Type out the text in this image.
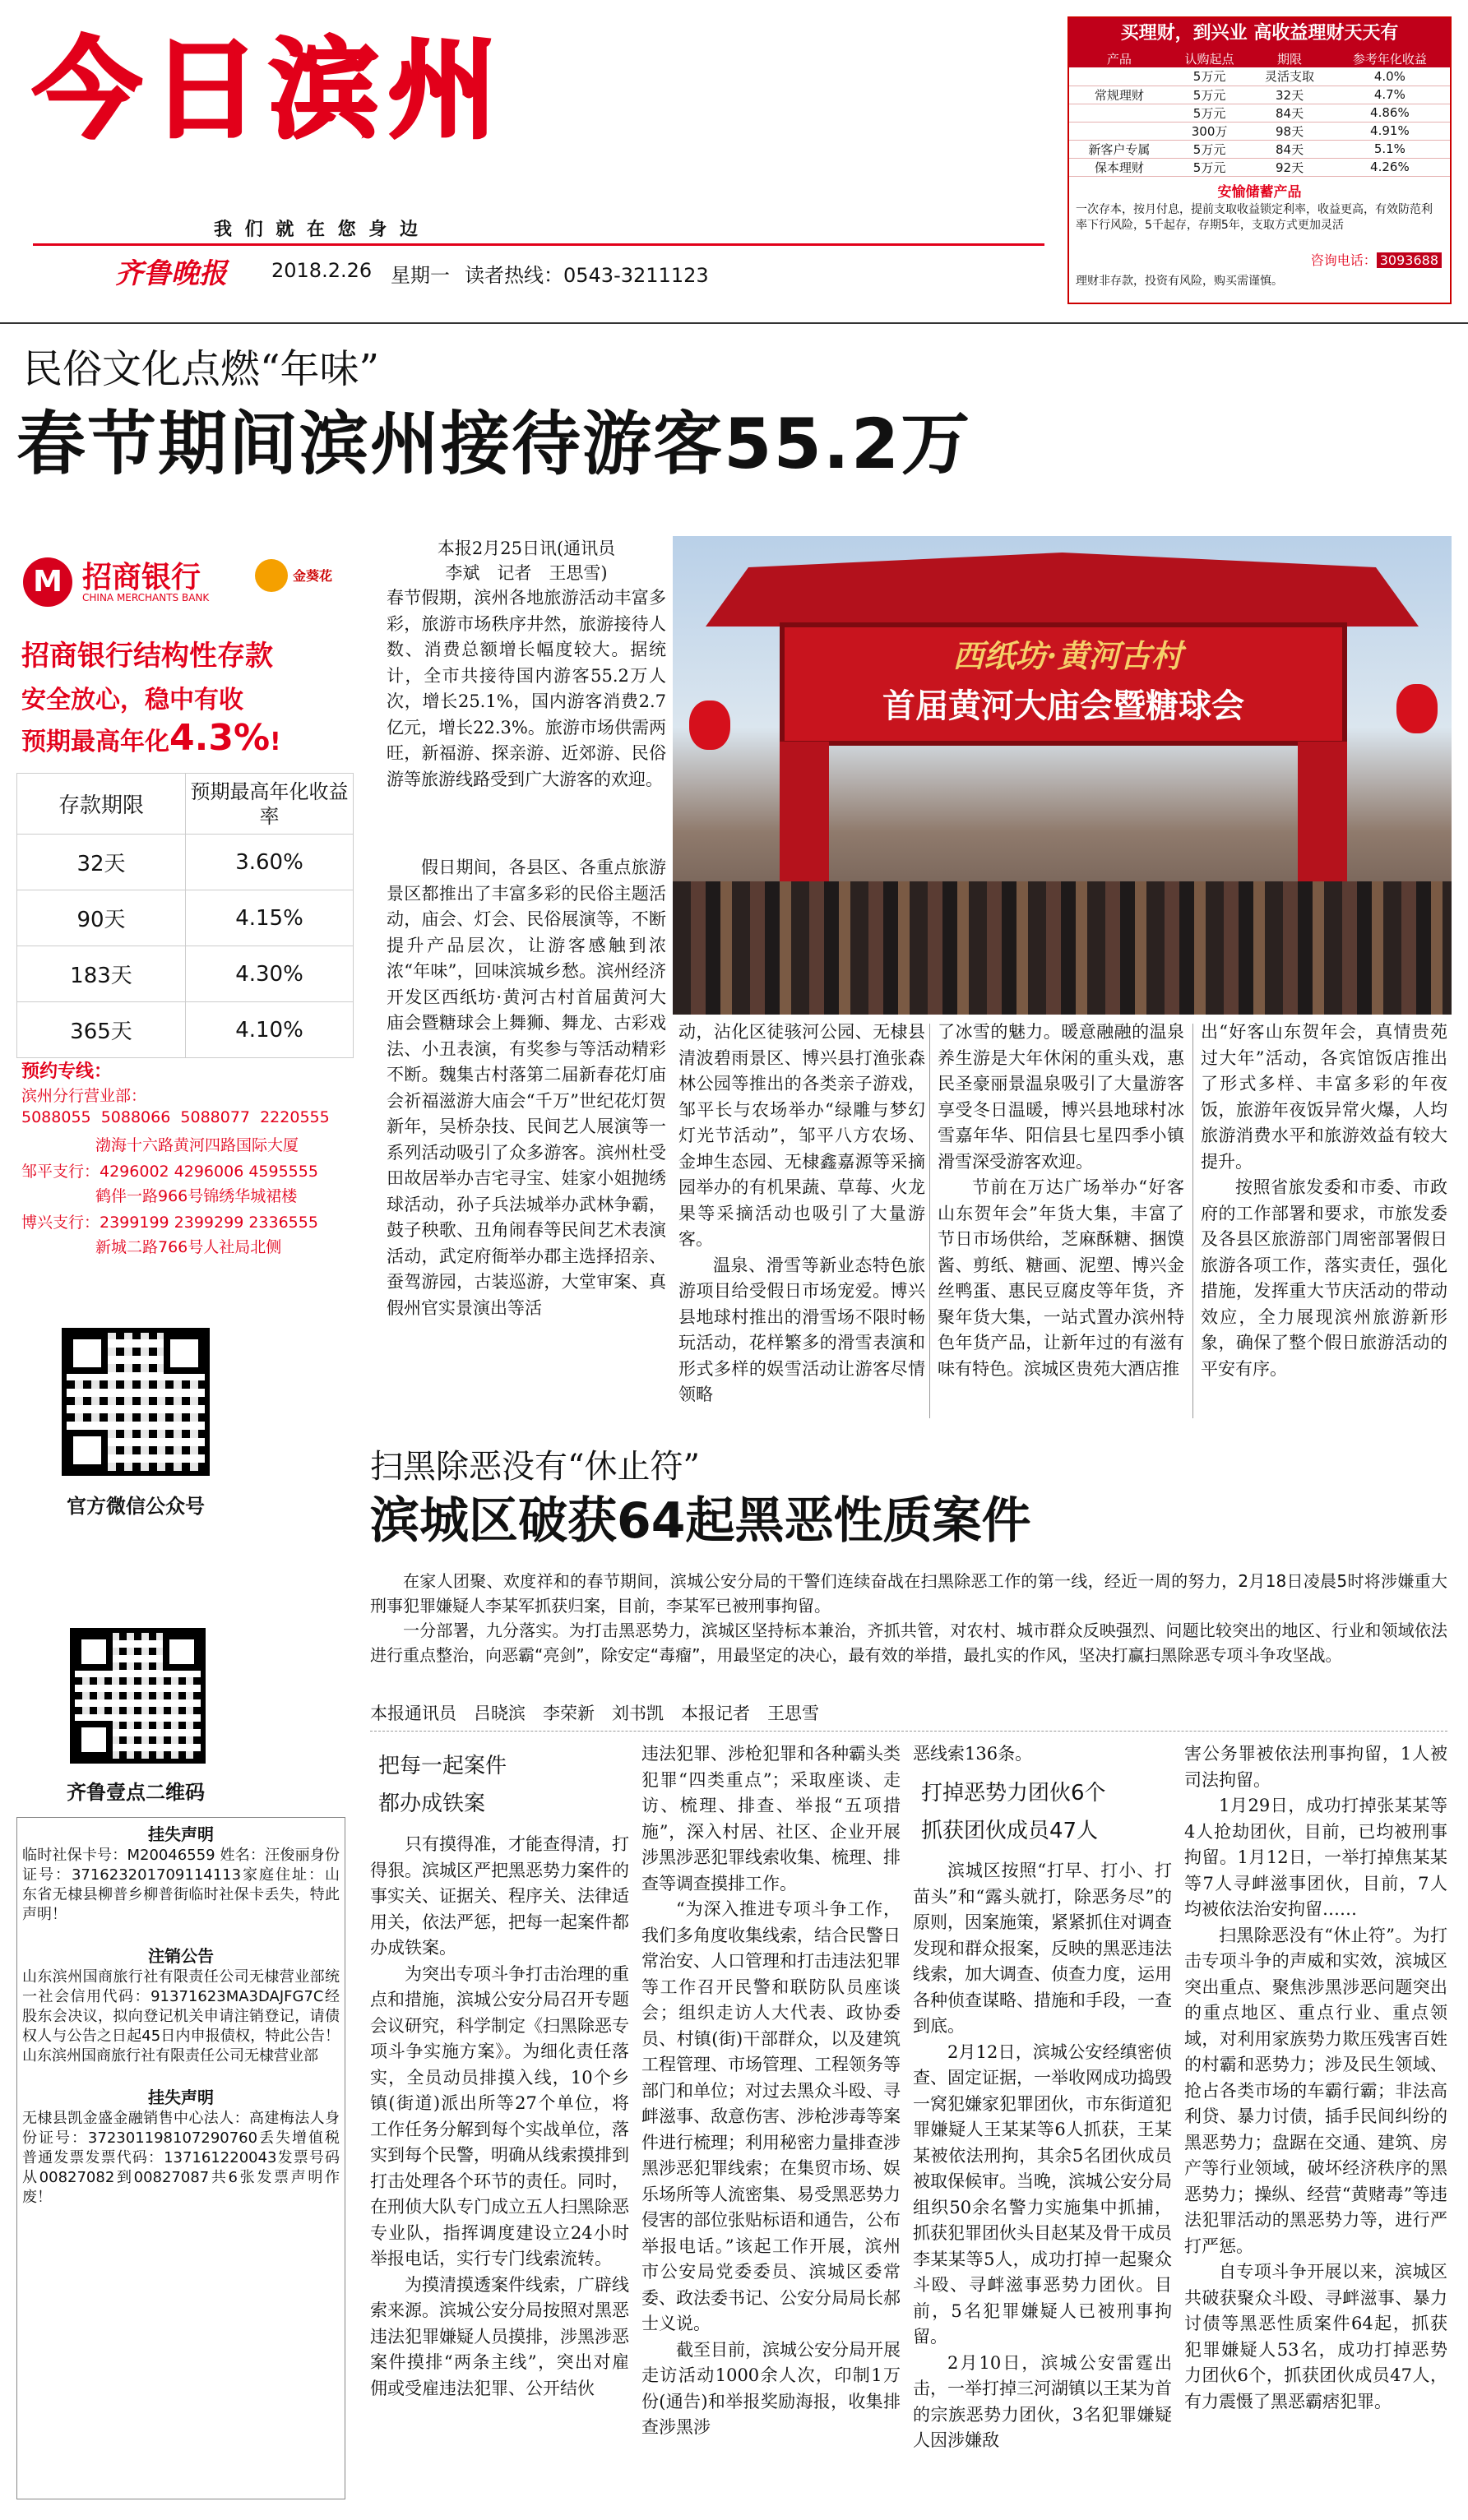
今日滨州
我 们 就 在 您 身 边
齐鲁晚报 2018.2.26 星期一 读者热线：0543-3211123
买理财，到兴业 高收益理财天天有
产品	认购起点	期限	参考年化收益
	5万元	灵活支取	4.0%
常规理财	5万元	32天	4.7%
	5万元	84天	4.86%
	300万	98天	4.91%
新客户专属	5万元	84天	5.1%
保本理财	5万元	92天	4.26%
安愉储蓄产品
一次存本，按月付息，提前支取收益锁定利率，收益更高，有效防范利率下行风险，5千起存，存期5年，支取方式更加灵活
咨询电话： 3093688
理财非存款，投资有风险，购买需谨慎。
民俗文化点燃“年味”
春节期间滨州接待游客55.2万
M 招商银行
CHINA MERCHANTS BANK
金葵花
招商银行结构性存款
安全放心，稳中有收
预期最高年化4.3%!
存款期限	预期最高年化收益率
32天	3.60%
90天	4.15%
183天	4.30%
365天	4.10%
预约专线：
滨州分行营业部：
5088055  5088066  5088077  2220555
渤海十六路黄河四路国际大厦
邹平支行：4296002 4296006 4595555
鹤伴一路966号锦绣华城裙楼
博兴支行：2399199 2399299 2336555
新城二路766号人社局北侧
本报2月25日讯(通讯员
李斌　记者　王思雪)

春节假期，滨州各地旅游活动丰富多彩，旅游市场秩序井然，旅游接待人数、消费总额增长幅度较大。据统计，全市共接待国内游客55.2万人次，增长25.1%，国内游客消费2.7亿元，增长22.3%。旅游市场供需两旺，新福游、探亲游、近郊游、民俗游等旅游线路受到广大游客的欢迎。

假日期间，各县区、各重点旅游景区都推出了丰富多彩的民俗主题活动，庙会、灯会、民俗展演等，不断提升产品层次，让游客感触到浓浓“年味”，回味滨城乡愁。滨州经济开发区西纸坊·黄河古村首届黄河大庙会暨糖球会上舞狮、舞龙、古彩戏法、小丑表演，有奖参与等活动精彩不断。魏集古村落第二届新春花灯庙会祈福滋游大庙会“千万”世纪花灯贺新年，吴桥杂技、民间艺人展演等一系列活动吸引了众多游客。滨州杜受田故居举办吉宅寻宝、娃家小姐抛绣球活动，孙子兵法城举办武林争霸，鼓子秧歌、丑角闹春等民间艺术表演活动，武定府衙举办郡主选择招亲、蚕驾游园，古装巡游，大堂审案、真假州官实景演出等活

动，沾化区徒骇河公园、无棣县清波碧雨景区、博兴县打渔张森林公园等推出的各类亲子游戏，邹平长与农场举办“绿雕与梦幻灯光节活动”，邹平八方农场、金坤生态园、无棣鑫嘉源等采摘园举办的有机果蔬、草莓、火龙果等采摘活动也吸引了大量游客。

温泉、滑雪等新业态特色旅游项目给受假日市场宠爱。博兴县地球村推出的滑雪场不限时畅玩活动，花样繁多的滑雪表演和形式多样的娱雪活动让游客尽情领略

了冰雪的魅力。暖意融融的温泉养生游是大年休闲的重头戏，惠民圣豪丽景温泉吸引了大量游客享受冬日温暖，博兴县地球村冰雪嘉年华、阳信县七星四季小镇滑雪深受游客欢迎。

节前在万达广场举办“好客山东贺年会”年货大集，丰富了节日市场供给，芝麻酥糖、捆馍酱、剪纸、糖画、泥塑、博兴金丝鸭蛋、惠民豆腐皮等年货，齐聚年货大集，一站式置办滨州特色年货产品，让新年过的有滋有味有特色。滨城区贵苑大酒店推

出“好客山东贺年会，真情贵苑过大年”活动，各宾馆饭店推出了形式多样、丰富多彩的年夜饭，旅游年夜饭异常火爆，人均旅游消费水平和旅游效益有较大提升。

按照省旅发委和市委、市政府的工作部署和要求，市旅发委及各县区旅游部门周密部署假日旅游各项工作，落实责任，强化措施，发挥重大节庆活动的带动效应，全力展现滨州旅游新形象，确保了整个假日旅游活动的平安有序。

西纸坊·黄河古村
首届黄河大庙会暨糖球会
官方微信公众号
齐鲁壹点二维码
挂失声明
临时社保卡号：M20046559 姓名：汪俊丽身份证号：371623201709114113家庭住址：山东省无棣县柳普乡柳普街临时社保卡丢失，特此声明！
注销公告
山东滨州国商旅行社有限责任公司无棣营业部统一社会信用代码：91371623MA3DAJFG7C经股东会决议，拟向登记机关申请注销登记，请债权人与公告之日起45日内申报债权，特此公告！山东滨州国商旅行社有限责任公司无棣营业部
挂失声明
无棣县凯金盛金融销售中心法人：高建梅法人身份证号：372301198107290760丢失增值税普通发票发票代码：13716122004​3发票号码从00827082到00827087共6张发票声明作废！
扫黑除恶没有“休止符”
滨城区破获64起黑恶性质案件

在家人团聚、欢度祥和的春节期间，滨城公安分局的干警们连续奋战在扫黑除恶工作的第一线，经近一周的努力，2月18日凌晨5时将涉嫌重大刑事犯罪嫌疑人李某军抓获归案，目前，李某军已被刑事拘留。

一分部署，九分落实。为打击黑恶势力，滨城区坚持标本兼治，齐抓共管，对农村、城市群众反映强烈、问题比较突出的地区、行业和领域依法进行重点整治，向恶霸“亮剑”，除安定“毒瘤”，用最坚定的决心，最有效的举措，最扎实的作风，坚决打赢扫黑除恶专项斗争攻坚战。

本报通讯员　吕晓滨　李荣新　刘书凯　本报记者　王思雪
把每一起案件
都办成铁案

只有摸得准，才能查得清，打得狠。滨城区严把黑恶势力案件的事实关、证据关、程序关、法律适用关，依法严惩，把每一起案件都办成铁案。

为突出专项斗争打击治理的重点和措施，滨城公安分局召开专题会议研究，科学制定《扫黑除恶专项斗争实施方案》。为细化责任落实，全员动员排摸入线，10个乡镇(街道)派出所等27个单位，将工作任务分解到每个实战单位，落实到每个民警，明确从线索摸排到打击处理各个环节的责任。同时，在刑侦大队专门成立五人扫黑除恶专业队，指挥调度建设立24小时举报电话，实行专门线索流转。

为摸清摸透案件线索，广辟线索来源。滨城公安分局按照对黑恶违法犯罪嫌疑人员摸排，涉黑涉恶案件摸排“两条主线”，突出对雇佣或受雇违法犯罪、公开结伙

违法犯罪、涉枪犯罪和各种霸头类犯罪“四类重点”；采取座谈、走访、梳理、排查、举报“五项措施”，深入村居、社区、企业开展涉黑涉恶犯罪线索收集、梳理、排查等调查摸排工作。

“为深入推进专项斗争工作，我们多角度收集线索，结合民警日常治安、人口管理和打击违法犯罪等工作召开民警和联防队员座谈会；组织走访人大代表、政协委员、村镇(街)干部群众，以及建筑工程管理、市场管理、工程领务等部门和单位；对过去黑众斗殴、寻衅滋事、敌意伤害、涉枪涉毒等案件进行梳理；利用秘密力量排查涉黑涉恶犯罪线索；在集贸市场、娱乐场所等人流密集、易受黑恶势力侵害的部位张贴标语和通告，公布举报电话。”该起工作开展，滨州市公安局党委委员、滨城区委常委、政法委书记、公安分局局长郝士义说。

截至目前，滨城公安分局开展走访活动1000余人次，印制1万份(通告)和举报奖励海报，收集排查涉黑涉

恶线索136条。

打掉恶势力团伙6个
抓获团伙成员47人

滨城区按照“打早、打小、打苗头”和“露头就打，除恶务尽”的原则，因案施策，紧紧抓住对调查发现和群众报案，反映的黑恶违法线索，加大调查、侦查力度，运用各种侦查谋略、措施和手段，一查到底。

2月12日，滨城公安经缜密侦查、固定证据，一举收网成功捣毁一窝犯嫌家犯罪团伙，市东街道犯罪嫌疑人王某某等6人抓获，王某某被依法刑拘，其余5名团伙成员被取保候审。当晚，滨城公安分局组织50余名警力实施集中抓捕，抓获犯罪团伙头目赵某及骨干成员李某某等5人，成功打掉一起聚众斗殴、寻衅滋事恶势力团伙。目前，5名犯罪嫌疑人已被刑事拘留。

2月10日，滨城公安雷霆出击，一举打掉三河湖镇以王某为首的宗族恶势力团伙，3名犯罪嫌疑人因涉嫌敌

害公务罪被依法刑事拘留，1人被司法拘留。

1月29日，成功打掉张某某等4人抢劫团伙，目前，已均被刑事拘留。1月12日，一举打掉焦某某等7人寻衅滋事团伙，目前，7人均被依法治安拘留……

扫黑除恶没有“休止符”。为打击专项斗争的声威和实效，滨城区突出重点、聚焦涉黑涉恶问题突出的重点地区、重点行业、重点领域，对利用家族势力欺压残害百姓的村霸和恶势力；涉及民生领域、抢占各类市场的车霸行霸；非法高利贷、暴力讨债，插手民间纠纷的黑恶势力；盘踞在交通、建筑、房产等行业领域，破坏经济秩序的黑恶势力；操纵、经营“黄赌毒”等违法犯罪活动的黑恶势力等，进行严打严惩。

自专项斗争开展以来，滨城区共破获聚众斗殴、寻衅滋事、暴力讨债等黑恶性质案件64起，抓获犯罪嫌疑人53名，成功打掉恶势力团伙6个，抓获团伙成员47人，有力震慑了黑恶霸痞犯罪。
